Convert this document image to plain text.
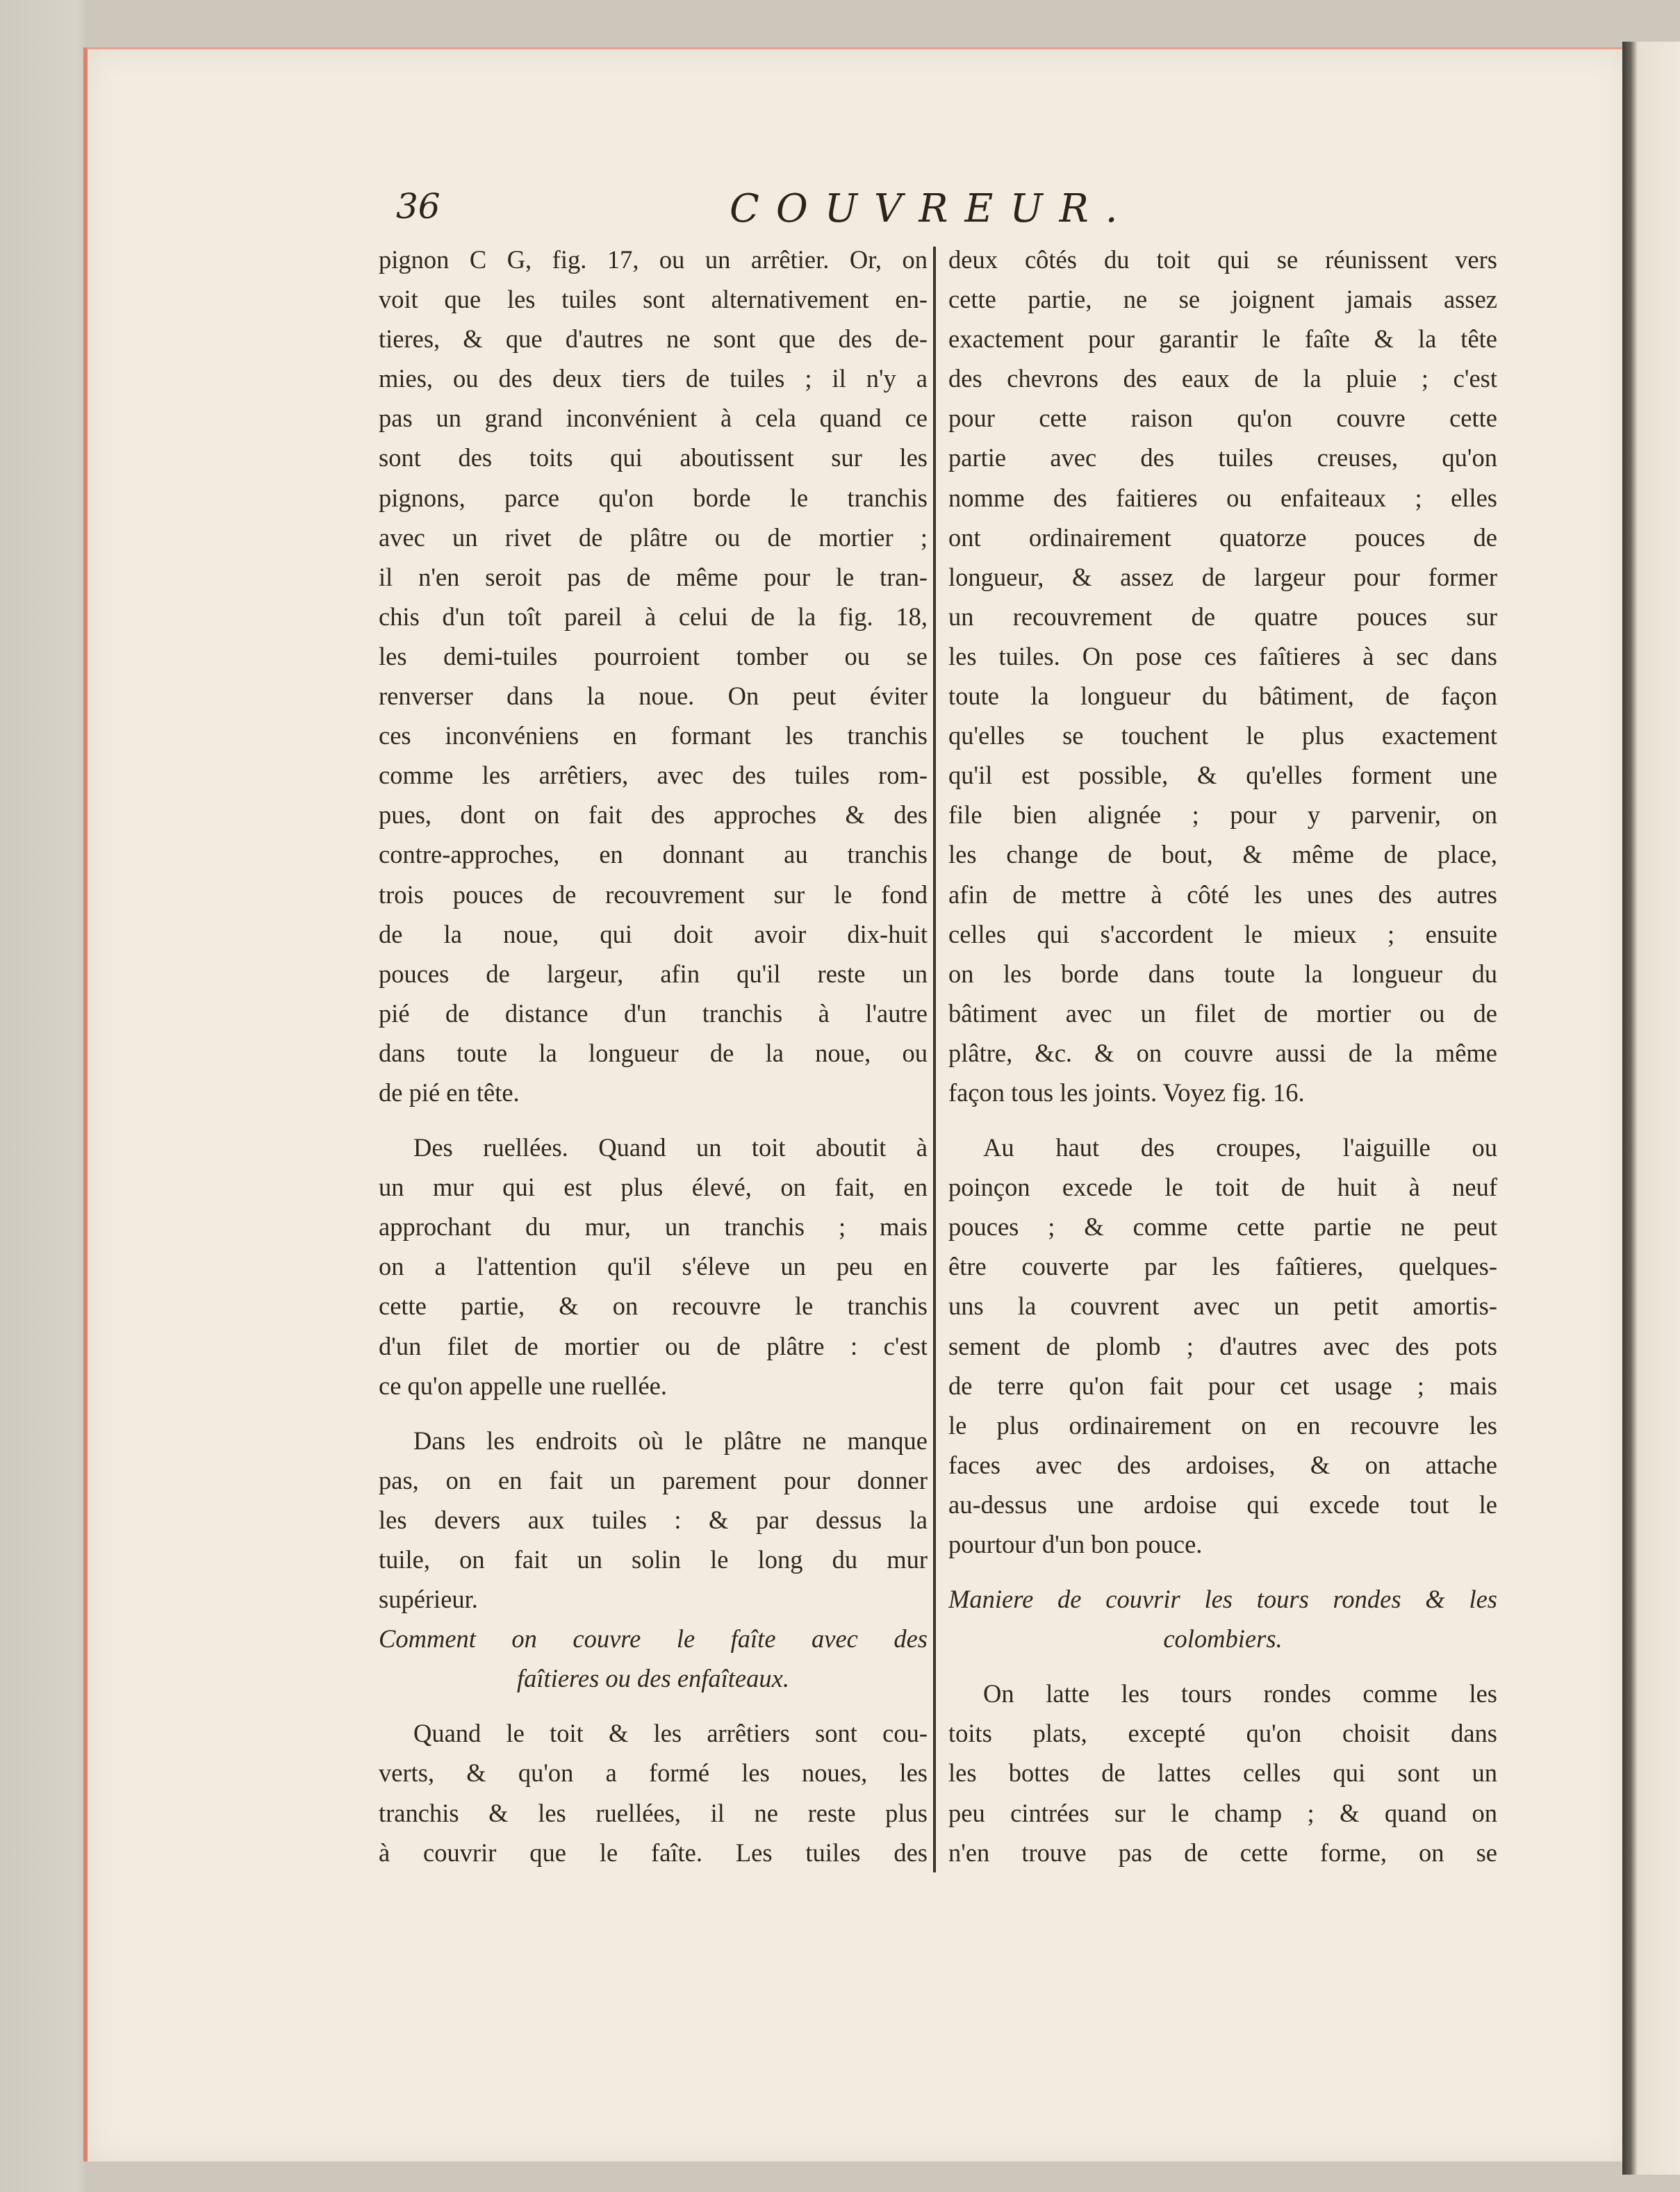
36	COUVREUR.
pignon C G, fig. 17, ou un arrêtier. Or, on
voit que les tuiles sont alternativement en-
tieres, & que d'autres ne sont que des de-
mies, ou des deux tiers de tuiles ; il n'y a
pas un grand inconvénient à cela quand ce
sont des toits qui aboutissent sur les
pignons, parce qu'on borde le tranchis
avec un rivet de plâtre ou de mortier ;
il n'en seroit pas de même pour le tran-
chis d'un toît pareil à celui de la fig. 18,
les demi-tuiles pourroient tomber ou se
renverser dans la noue. On peut éviter
ces inconvéniens en formant les tranchis
comme les arrêtiers, avec des tuiles rom-
pues, dont on fait des approches & des
contre-approches, en donnant au tranchis
trois pouces de recouvrement sur le fond
de la noue, qui doit avoir dix-huit
pouces de largeur, afin qu'il reste un
pié de distance d'un tranchis à l'autre
dans toute la longueur de la noue, ou
de pié en tête.
Des ruellées. Quand un toit aboutit à
un mur qui est plus élevé, on fait, en
approchant du mur, un tranchis ; mais
on a l'attention qu'il s'éleve un peu en
cette partie, & on recouvre le tranchis
d'un filet de mortier ou de plâtre : c'est
ce qu'on appelle une ruellée.
Dans les endroits où le plâtre ne manque
pas, on en fait un parement pour donner
les devers aux tuiles : & par dessus la
tuile, on fait un solin le long du mur
supérieur.
Comment on couvre le faîte avec des
faîtieres ou des enfaîteaux.
Quand le toit & les arrêtiers sont cou-
verts, & qu'on a formé les noues, les
tranchis & les ruellées, il ne reste plus
à couvrir que le faîte. Les tuiles des
deux côtés du toit qui se réunissent vers
cette partie, ne se joignent jamais assez
exactement pour garantir le faîte & la tête
des chevrons des eaux de la pluie ; c'est
pour cette raison qu'on couvre cette
partie avec des tuiles creuses, qu'on
nomme des faitieres ou enfaiteaux ; elles
ont ordinairement quatorze pouces de
longueur, & assez de largeur pour former
un recouvrement de quatre pouces sur
les tuiles. On pose ces faîtieres à sec dans
toute la longueur du bâtiment, de façon
qu'elles se touchent le plus exactement
qu'il est possible, & qu'elles forment une
file bien alignée ; pour y parvenir, on
les change de bout, & même de place,
afin de mettre à côté les unes des autres
celles qui s'accordent le mieux ; ensuite
on les borde dans toute la longueur du
bâtiment avec un filet de mortier ou de
plâtre, &c. & on couvre aussi de la même
façon tous les joints. Voyez fig. 16.
Au haut des croupes, l'aiguille ou
poinçon excede le toit de huit à neuf
pouces ; & comme cette partie ne peut
être couverte par les faîtieres, quelques-
uns la couvrent avec un petit amortis-
sement de plomb ; d'autres avec des pots
de terre qu'on fait pour cet usage ; mais
le plus ordinairement on en recouvre les
faces avec des ardoises, & on attache
au-dessus une ardoise qui excede tout le
pourtour d'un bon pouce.
Maniere de couvrir les tours rondes & les
colombiers.
On latte les tours rondes comme les
toits plats, excepté qu'on choisit dans
les bottes de lattes celles qui sont un
peu cintrées sur le champ ; & quand on
n'en trouve pas de cette forme, on se
